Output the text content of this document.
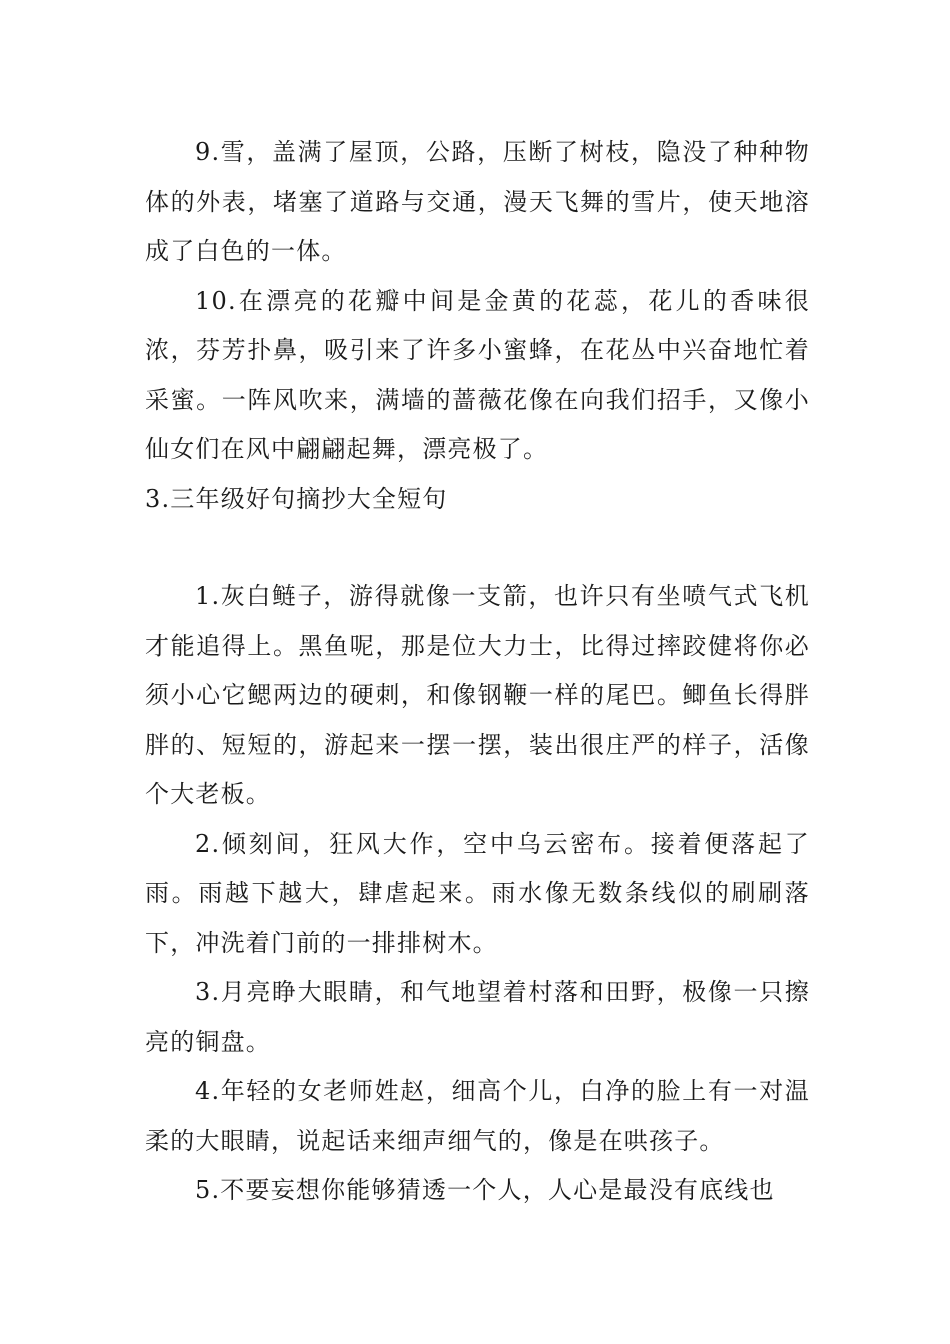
9.雪，盖满了屋顶，公路，压断了树枝，隐没了种种物体的外表，堵塞了道路与交通，漫天飞舞的雪片，使天地溶成了白色的一体。

10.在漂亮的花瓣中间是金黄的花蕊，花儿的香味很浓，芬芳扑鼻，吸引来了许多小蜜蜂，在花丛中兴奋地忙着采蜜。一阵风吹来，满墙的蔷薇花像在向我们招手，又像小仙女们在风中翩翩起舞，漂亮极了。

3.三年级好句摘抄大全短句

1.灰白鲢子，游得就像一支箭，也许只有坐喷气式飞机才能追得上。黑鱼呢，那是位大力士，比得过摔跤健将你必须小心它鳃两边的硬刺，和像钢鞭一样的尾巴。鲫鱼长得胖胖的、短短的，游起来一摆一摆，装出很庄严的样子，活像个大老板。

2.倾刻间，狂风大作，空中乌云密布。接着便落起了雨。雨越下越大，肆虐起来。雨水像无数条线似的刷刷落下，冲洗着门前的一排排树木。

3.月亮睁大眼睛，和气地望着村落和田野，极像一只擦亮的铜盘。

4.年轻的女老师姓赵，细高个儿，白净的脸上有一对温柔的大眼睛，说起话来细声细气的，像是在哄孩子。

5.不要妄想你能够猜透一个人，人心是最没有底线也
